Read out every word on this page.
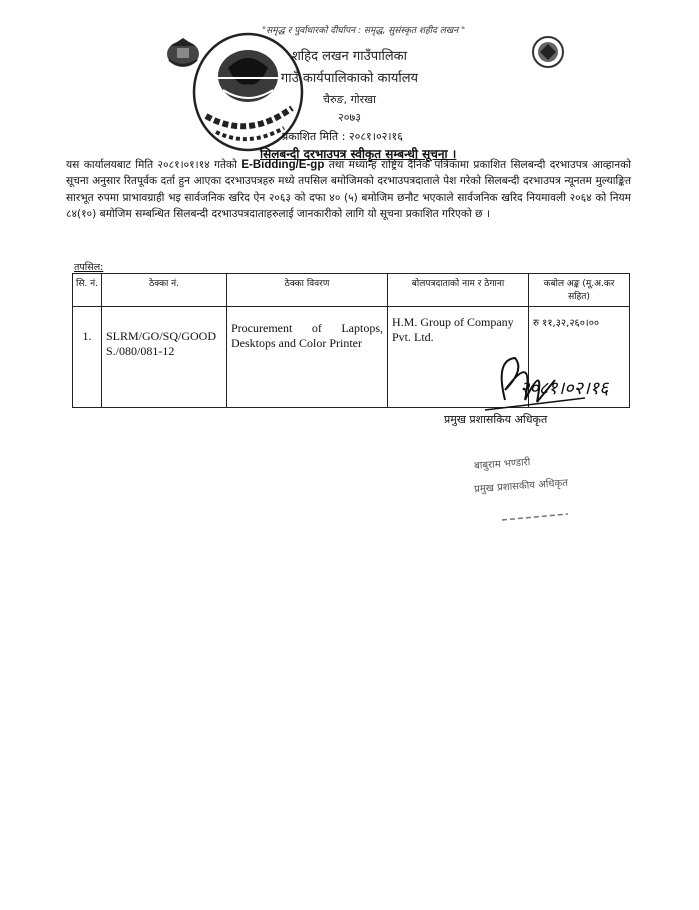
"समृद्ध र पुर्वाधारको दीर्घापन : समृद्ध, सुसंस्कृत शहीद लखन "
शहिद लखन गाउँपालिका
गाउँ कार्यपालिकाको कार्यालय
चैरुङ, गोरखा
२०७३
प्रकाशित मिति : २०८१।०२।१६
सिलबन्दी दरभाउपत्र स्वीकृत सम्बन्धी सूचना ।
यस कार्यालयबाट मिति २०८१।०१।१४ गतेको E-Bidding/E-gp तथा मध्यान्ह राष्ट्रिय दैनिक पत्रिकामा प्रकाशित सिलबन्दी दरभाउपत्र आव्हानको सूचना अनुसार रितपूर्वक दर्ता हुन आएका दरभाउपत्रहरु मध्ये तपसिल बमोजिमको दरभाउपत्रदाताले पेश गरेको सिलबन्दी दरभाउपत्र न्यूनतम मुल्याङ्कित सारभूत रुपमा प्राभावग्राही भइ सार्वजनिक खरिद ऐन २०६३ को दफा ४० (५) बमोजिम छनौट भएकाले सार्वजनिक खरिद नियमावली २०६४ को नियम ८४(१०) बमोजिम सम्बन्धित सिलबन्दी दरभाउपत्रदाताहरुलाई जानकारीको लागि यो सूचना प्रकाशित गरिएको छ ।
तपसिल:
सि. नं.	ठेक्का नं.	ठेक्का विवरण	बोलपत्रदाताको नाम र ठेगाना	कबोल अङ्क (मू.अ.कर सहित)
1.	SLRM/GO/SQ/GOODS./080/081-12	Procurement of Laptops, Desktops and Color Printer	H.M. Group of Company Pvt. Ltd.	रु ११,३२,२६०।००
२०८१।०२।१६
प्रमुख प्रशासकिय अधिकृत
बाबुराम भण्डारी
प्रमुख प्रशासकीय अधिकृत
